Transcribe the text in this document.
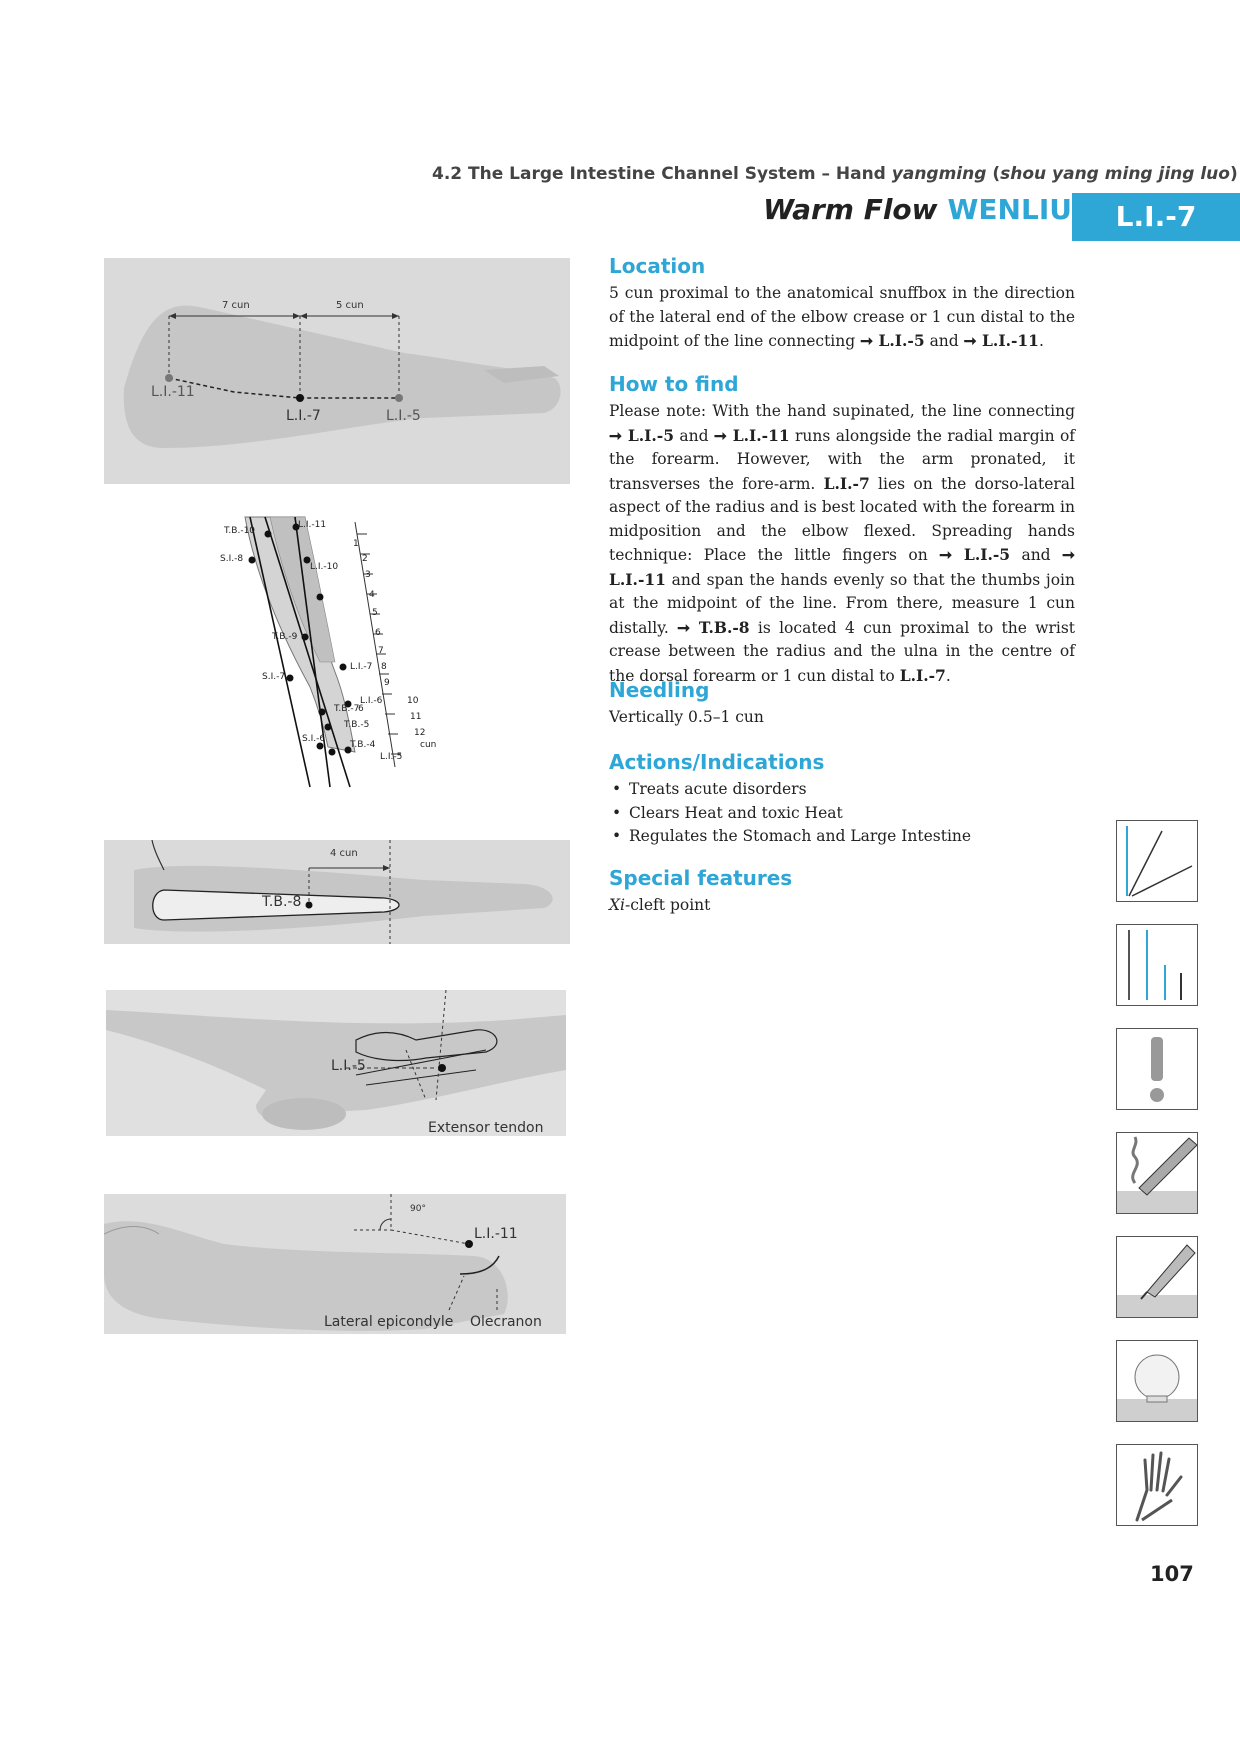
4.2 The Large Intestine Channel System – Hand yangming (shou yang ming jing luo)
Warm Flow WENLIU	L.I.-7
7 cun	5 cun
L.I.-11
L.I.-7	L.I.-5
T.B.-10
L.I.-11
S.I.-8
L.I.-10
T.B.-9
S.I.-7
L.I.-7
L.I.-6
T.B.-7
6
T.B.-5
S.I.-6
T.B.-4
L.I.-5
cun
1
2
3
4
5
6
7
8
9
10
11
12
4 cun
T.B.-8
L.I.-5
Extensor tendon
90°
L.I.-11
Lateral epicondyle Olecranon
Location

5 cun proximal to the anatomical snuffbox in the direction of the lateral end of the elbow crease or 1 cun distal to the midpoint of the line connecting ➞ L.I.-5 and ➞ L.I.-11.

How to find

Please note: With the hand supinated, the line connecting ➞ L.I.-5 and ➞ L.I.-11 runs alongside the radial margin of the forearm. However, with the arm pronated, it transverses the fore-arm. L.I.-7 lies on the dorso-lateral aspect of the radius and is best located with the forearm in midposition and the elbow flexed. Spreading hands technique: Place the little fingers on ➞ L.I.-5 and ➞ L.I.-11 and span the hands evenly so that the thumbs join at the midpoint of the line. From there, measure 1 cun distally. ➞ T.B.-8 is located 4 cun proximal to the wrist crease between the radius and the ulna in the centre of the dorsal forearm or 1 cun distal to L.I.-7.

Needling

Vertically 0.5–1 cun

Actions/Indications
• Treats acute disorders
• Clears Heat and toxic Heat
• Regulates the Stomach and Large Intestine
Special features

Xi-cleft point

107
